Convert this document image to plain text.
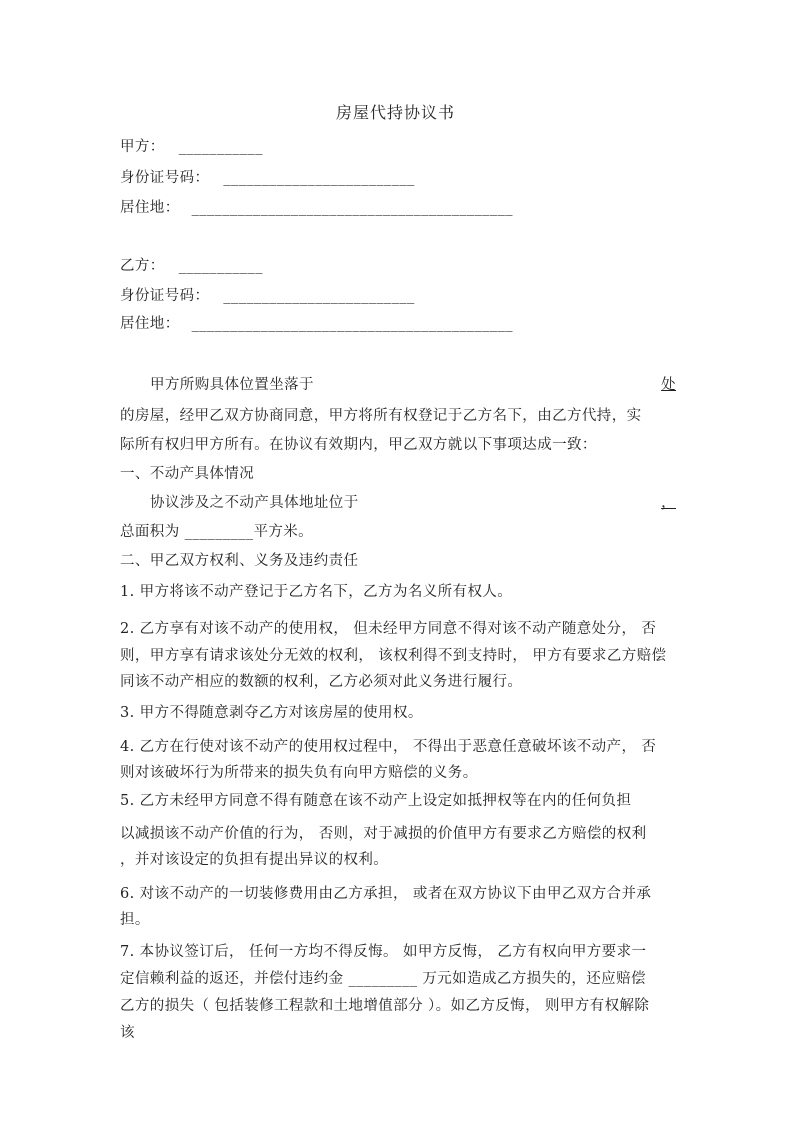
房屋代持协议书
甲方： ___________
身份证号码： _________________________
居住地： __________________________________________
乙方： ___________
身份证号码： _________________________
居住地： __________________________________________
甲方所购具体位置坐落于	处
的房屋，经甲乙双方协商同意，甲方将所有权登记于乙方名下，由乙方代持，实
际所有权归甲方所有。在协议有效期内，甲乙双方就以下事项达成一致：
一、不动产具体情况
协议涉及之不动产具体地址位于	，
总面积为 _________平方米。
二、甲乙双方权利、义务及违约责任
1. 甲方将该不动产登记于乙方名下，乙方为名义所有权人。
2. 乙方享有对该不动产的使用权， 但未经甲方同意不得对该不动产随意处分， 否
则，甲方享有请求该处分无效的权利， 该权利得不到支持时， 甲方有要求乙方赔偿
同该不动产相应的数额的权利，乙方必须对此义务进行履行。
3. 甲方不得随意剥夺乙方对该房屋的使用权。
4. 乙方在行使对该不动产的使用权过程中， 不得出于恶意任意破坏该不动产， 否
则对该破坏行为所带来的损失负有向甲方赔偿的义务。
5. 乙方未经甲方同意不得有随意在该不动产上设定如抵押权等在内的任何负担
以减损该不动产价值的行为， 否则，对于减损的价值甲方有要求乙方赔偿的权利
，并对该设定的负担有提出异议的权利。
6. 对该不动产的一切装修费用由乙方承担， 或者在双方协议下由甲乙双方合并承
担。
7. 本协议签订后， 任何一方均不得反悔。 如甲方反悔， 乙方有权向甲方要求一
定信赖利益的返还，并偿付违约金 _________ 万元如造成乙方损失的，还应赔偿
乙方的损失（ 包括装修工程款和土地增值部分 ）。如乙方反悔， 则甲方有权解除
该
